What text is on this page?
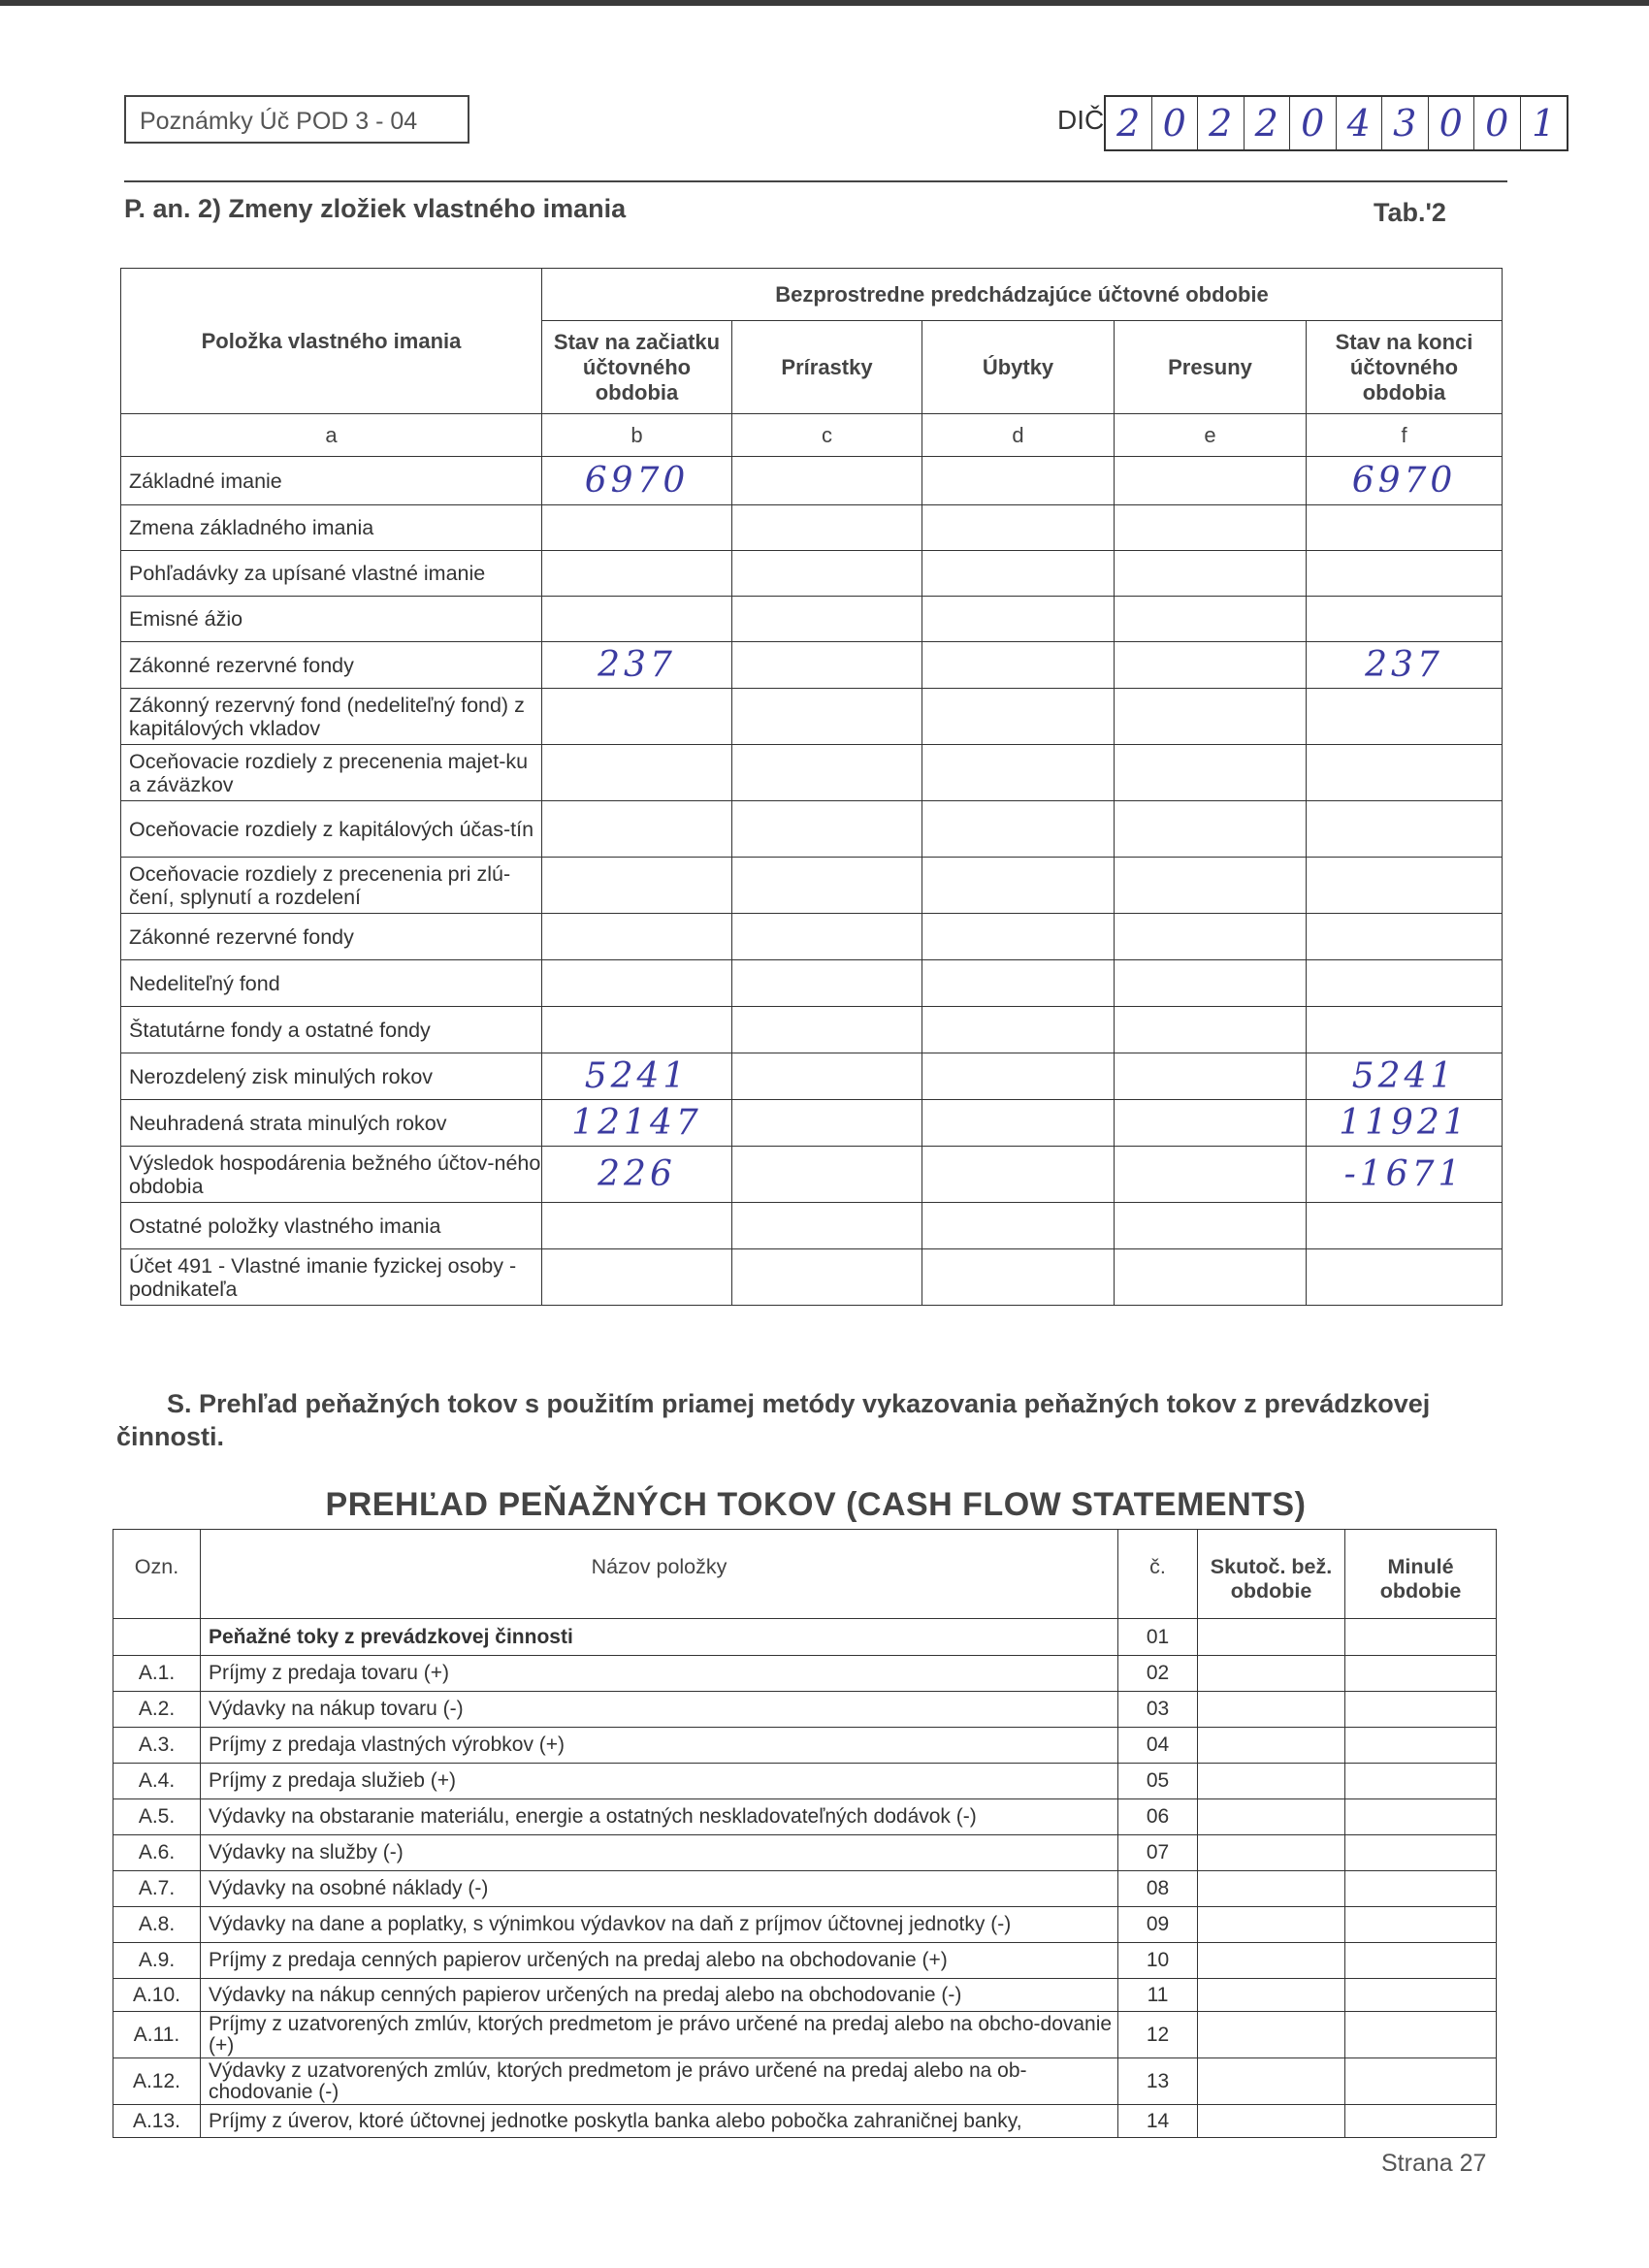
Poznámky Úč POD 3 - 04	DIČ 2 0 2 2 0 4 3 0 0 1
P. an. 2) Zmeny zložiek vlastného imania	Tab.'2
Položka vlastného imania	Bezprostredne predchádzajúce účtovné obdobie				
	Stav na začiatku účtovného obdobia	Prírastky	Úbytky	Presuny	Stav na konci účtovného obdobia
a	b	c	d	e	f
Základné imanie	6970				6970
Zmena základného imania					
Pohľadávky za upísané vlastné imanie					
Emisné ážio					
Zákonné rezervné fondy	237				237
Zákonný rezervný fond (nedeliteľný fond) z kapitálových vkladov					
Oceňovacie rozdiely z precenenia majet-ku a záväzkov					
Oceňovacie rozdiely z kapitálových účas-tín					
Oceňovacie rozdiely z precenenia pri zlú-čení, splynutí a rozdelení					
Zákonné rezervné fondy					
Nedeliteľný fond					
Štatutárne fondy a ostatné fondy					
Nerozdelený zisk minulých rokov	5241				5241
Neuhradená strata minulých rokov	12147				11921
Výsledok hospodárenia bežného účtov-ného obdobia	226				-1671
Ostatné položky vlastného imania					
Účet 491 - Vlastné imanie fyzickej osoby - podnikateľa					
S. Prehľad peňažných tokov s použitím priamej metódy vykazovania peňažných tokov z prevádzkovej činnosti.
PREHĽAD PEŇAŽNÝCH TOKOV (CASH FLOW STATEMENTS)
Ozn.	Názov položky	č.	Skutoč. bež. obdobie	Minulé obdobie
	Peňažné toky z prevádzkovej činnosti	01		
A.1.	Príjmy z predaja tovaru (+)	02		
A.2.	Výdavky na nákup tovaru (-)	03		
A.3.	Príjmy z predaja vlastných výrobkov (+)	04		
A.4.	Príjmy z predaja služieb (+)	05		
A.5.	Výdavky na obstaranie materiálu, energie a ostatných neskladovateľných dodávok (-)	06		
A.6.	Výdavky na služby (-)	07		
A.7.	Výdavky na osobné náklady (-)	08		
A.8.	Výdavky na dane a poplatky, s výnimkou výdavkov na daň z príjmov účtovnej jednotky (-)	09		
A.9.	Príjmy z predaja cenných papierov určených na predaj alebo na obchodovanie (+)	10		
A.10.	Výdavky na nákup cenných papierov určených na predaj alebo na obchodovanie (-)	11		
A.11.	Príjmy z uzatvorených zmlúv, ktorých predmetom je právo určené na predaj alebo na obcho-dovanie (+)	12		
A.12.	Výdavky z uzatvorených zmlúv, ktorých predmetom je právo určené na predaj alebo na ob-chodovanie (-)	13		
A.13.	Príjmy z úverov, ktoré účtovnej jednotke poskytla banka alebo pobočka zahraničnej banky,	14		
Strana 27
